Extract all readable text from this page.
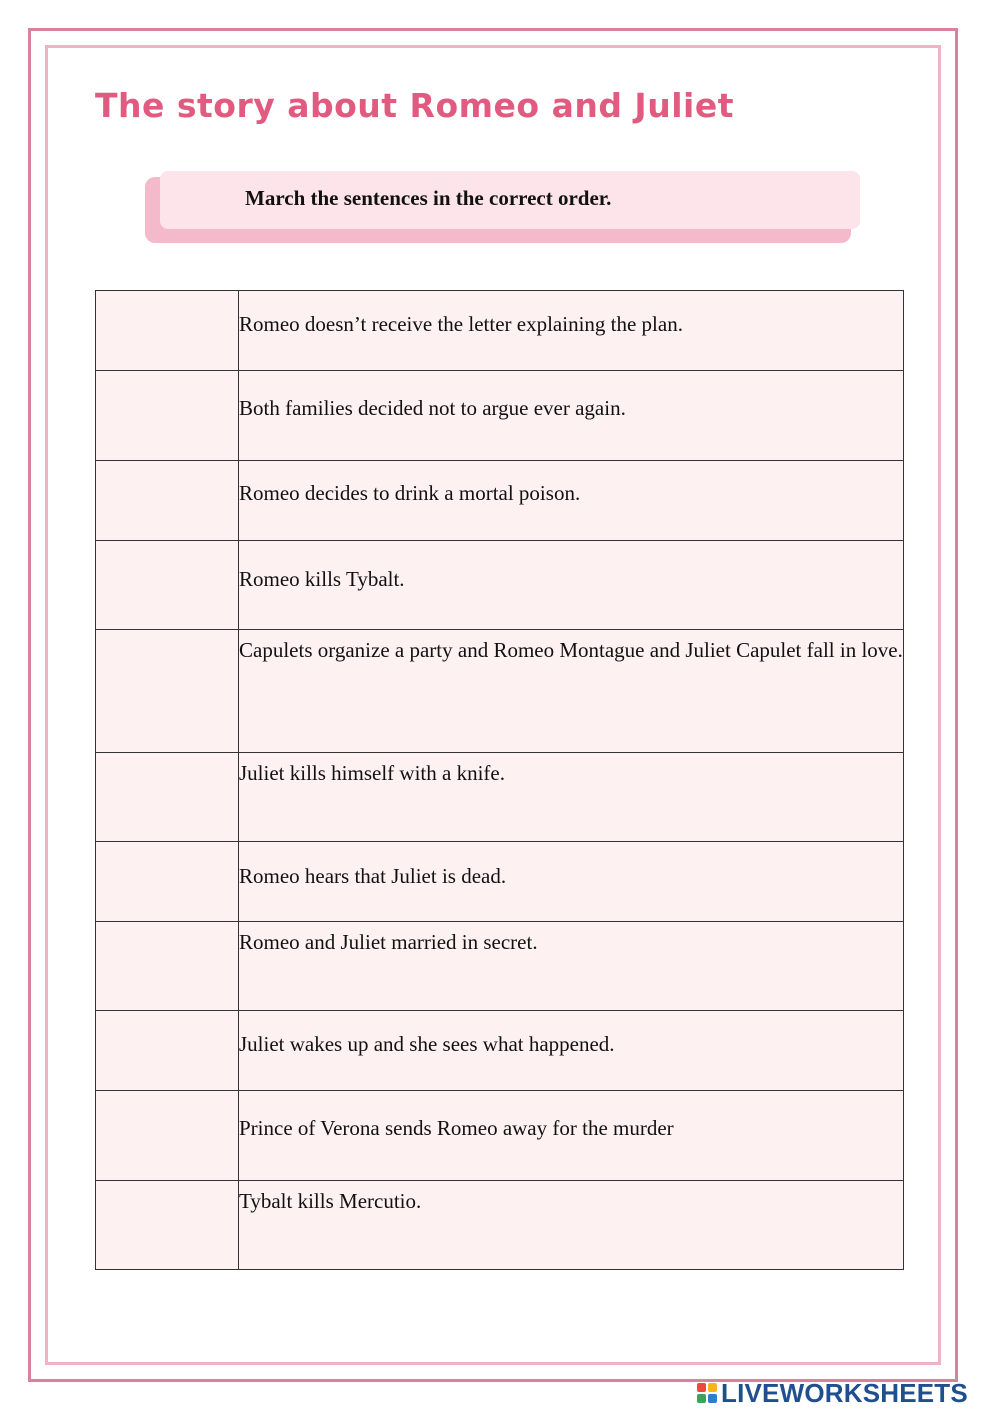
The story about Romeo and Juliet
March the sentences in the correct order.
	Romeo doesn’t receive the letter explaining the plan.
	Both families decided not to argue ever again.
	Romeo decides to drink a mortal poison.
	Romeo kills Tybalt.
	Capulets organize a party and Romeo Montague and Juliet Capulet fall in love.
	Juliet kills himself with a knife.
	Romeo hears that Juliet is dead.
	Romeo and Juliet married in secret.
	Juliet wakes up and she sees what happened.
	Prince of Verona sends Romeo away for the murder
	Tybalt kills Mercutio.
LIVEWORKSHEETS
